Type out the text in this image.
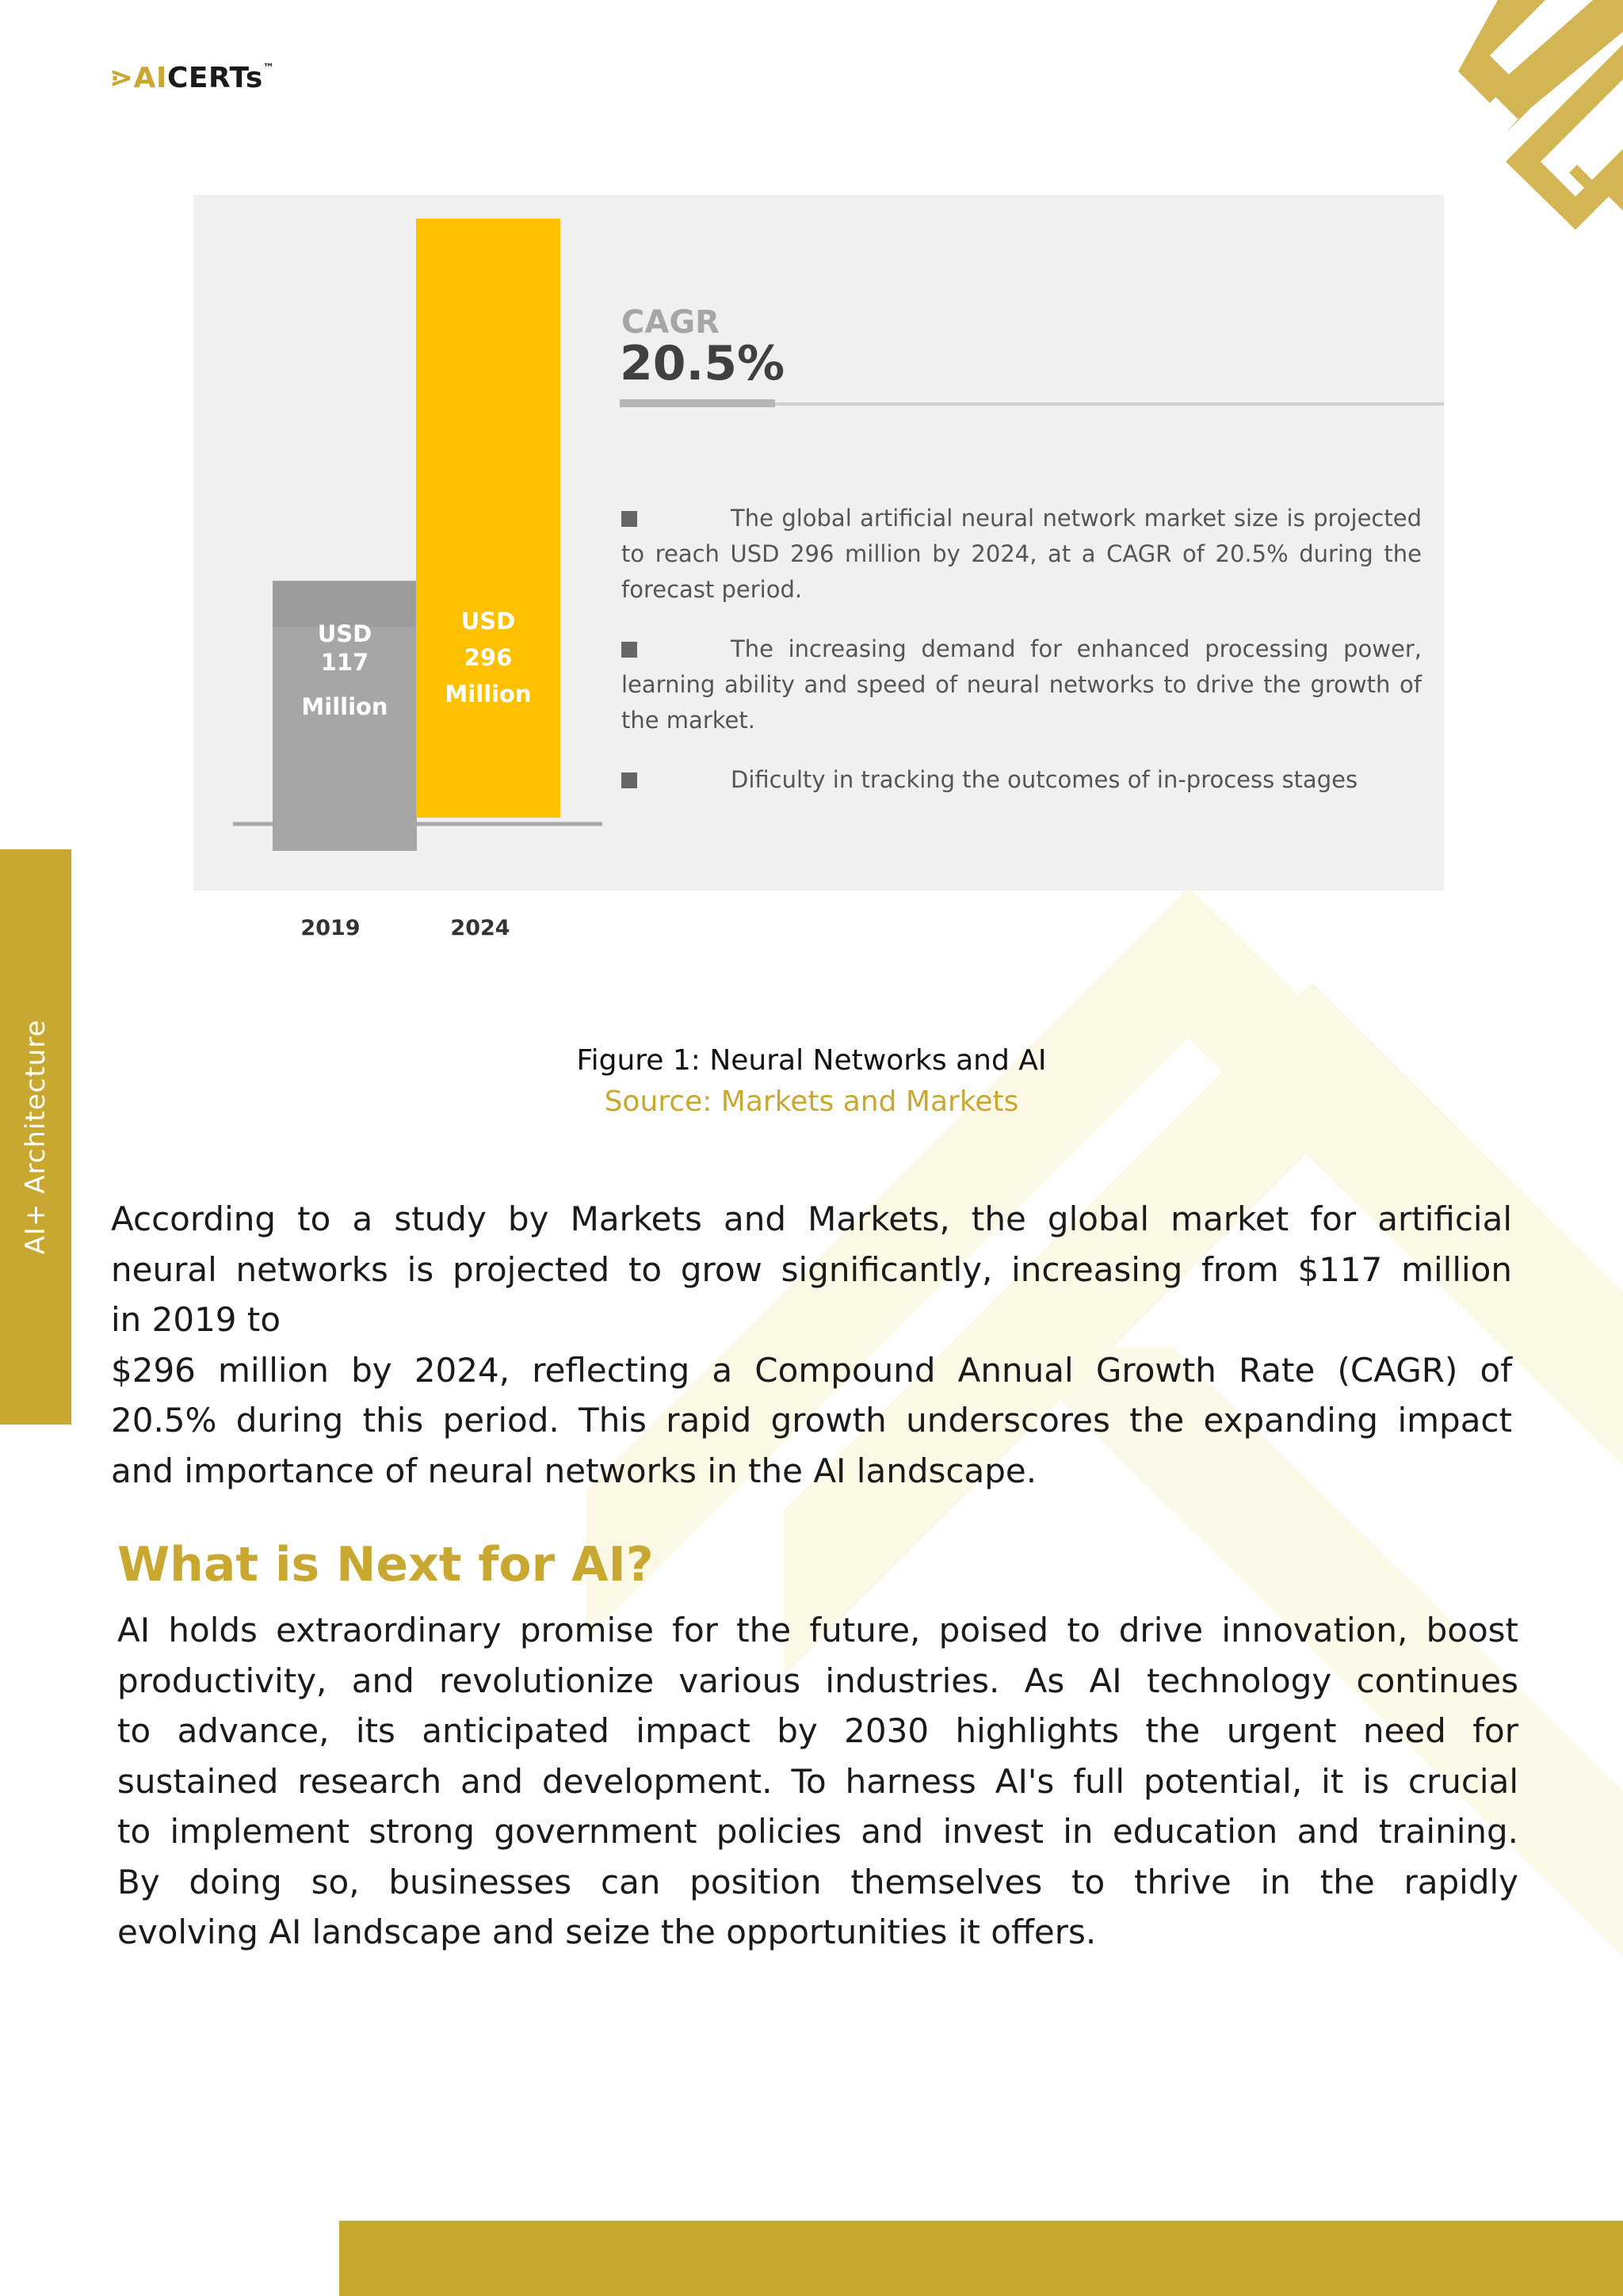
⋗AICERTs™
AI+ Architecture
USD
117
Million
2019
USD
296
Million
2024
CAGR
20.5%
The global artificial neural network market size is projected to reach USD 296 million by 2024, at a CAGR of 20.5% during the forecast period.
The increasing demand for enhanced processing power, learning ability and speed of neural networks to drive the growth of the market.
Dificulty in tracking the outcomes of in-process stages
Figure 1: Neural Networks and AI
Source: Markets and Markets

According to a study by Markets and Markets, the global market for artificial
neural networks is projected to grow significantly, increasing from $117 million
in 2019 to
$296 million by 2024, reflecting a Compound Annual Growth Rate (CAGR) of
20.5% during this period. This rapid growth underscores the expanding impact
and importance of neural networks in the AI landscape.

What is Next for AI?

AI holds extraordinary promise for the future, poised to drive innovation, boost
productivity, and revolutionize various industries. As AI technology continues
to advance, its anticipated impact by 2030 highlights the urgent need for
sustained research and development. To harness AI's full potential, it is crucial
to implement strong government policies and invest in education and training.
By doing so, businesses can position themselves to thrive in the rapidly
evolving AI landscape and seize the opportunities it offers.
